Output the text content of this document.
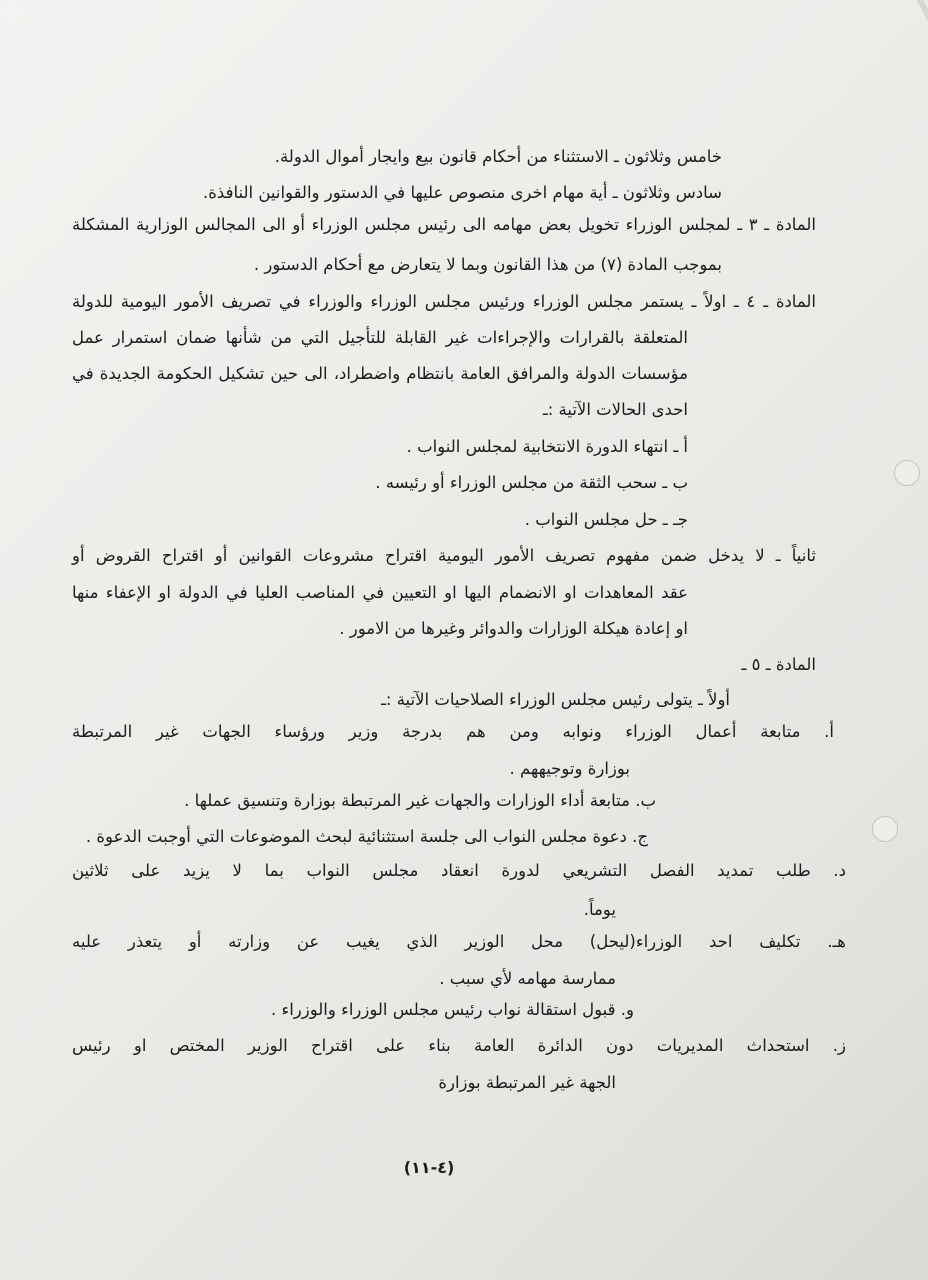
خامس وثلاثون ـ الاستثناء من أحكام قانون بيع وايجار أموال الدولة.
سادس وثلاثون ـ أية مهام اخرى منصوص عليها في الدستور والقوانين النافذة.
المادة ـ ٣ ـ لمجلس الوزراء تخويل بعض مهامه الى رئيس مجلس الوزراء أو الى المجالس الوزارية المشكلة
بموجب المادة (٧) من هذا القانون وبما لا يتعارض مع أحكام الدستور .
المادة ـ ٤ ـ اولاً ـ يستمر مجلس الوزراء ورئيس مجلس الوزراء والوزراء في تصريف الأمور اليومية للدولة
المتعلقة بالقرارات والإجراءات غير القابلة للتأجيل التي من شأنها ضمان استمرار عمل
مؤسسات الدولة والمرافق العامة بانتظام واضطراد، الى حين تشكيل الحكومة الجديدة في
احدى الحالات الآتية :ـ
أ ـ انتهاء الدورة الانتخابية لمجلس النواب .
ب ـ سحب الثقة من مجلس الوزراء أو رئيسه .
جـ ـ حل مجلس النواب .
ثانياً ـ لا يدخل ضمن مفهوم تصريف الأمور اليومية اقتراح مشروعات القوانين أو اقتراح القروض أو
عقد المعاهدات او الانضمام اليها او التعيين في المناصب العليا في الدولة او الإعفاء منها
او إعادة هيكلة الوزارات والدوائر وغيرها من الامور .
المادة ـ ٥ ـ
أولاً ـ يتولى رئيس مجلس الوزراء الصلاحيات الآتية :ـ
أ. متابعة أعمال الوزراء ونوابه ومن هم بدرجة وزير ورؤساء الجهات غير المرتبطة
بوزارة وتوجيههم .
ب. متابعة أداء الوزارات والجهات غير المرتبطة بوزارة وتنسيق عملها .
ج. دعوة مجلس النواب الى جلسة استثنائية لبحث الموضوعات التي أوجبت الدعوة .
د. طلب تمديد الفصل التشريعي لدورة انعقاد مجلس النواب بما لا يزيد على ثلاثين
يوماً.
هـ. تكليف احد الوزراء(ليحل) محل الوزير الذي يغيب عن وزارته أو يتعذر عليه
ممارسة مهامه لأي سبب .
و. قبول استقالة نواب رئيس مجلس الوزراء والوزراء .
ز. استحداث المديريات دون الدائرة العامة بناء على اقتراح الوزير المختص او رئيس
الجهة غير المرتبطة بوزارة
(٤-١١)
